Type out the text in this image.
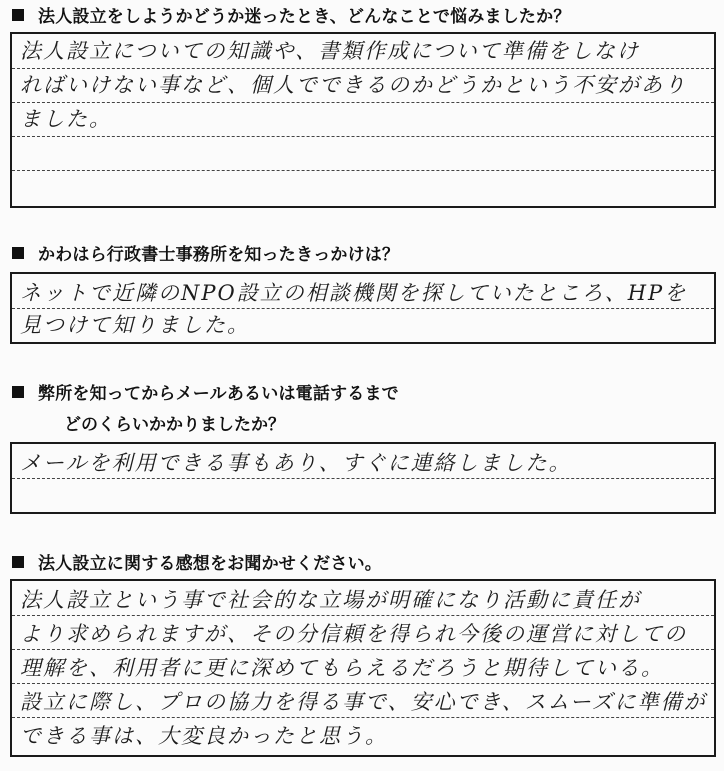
法人設立をしようかどうか迷ったとき、どんなことで悩みましたか？
法人設立についての知識や、書類作成について準備をしなけ
ればいけない事など、個人でできるのかどうかという不安があり
ました。
かわはら行政書士事務所を知ったきっかけは？
ネットで近隣のNPO設立の相談機関を探していたところ、HPを
見つけて知りました。
弊所を知ってからメールあるいは電話するまで
どのくらいかかりましたか？
メールを利用できる事もあり、すぐに連絡しました。
法人設立に関する感想をお聞かせください。
法人設立という事で社会的な立場が明確になり活動に責任が
より求められますが、その分信頼を得られ今後の運営に対しての
理解を、利用者に更に深めてもらえるだろうと期待している。
設立に際し、プロの協力を得る事で、安心でき、スムーズに準備が
できる事は、大変良かったと思う。
